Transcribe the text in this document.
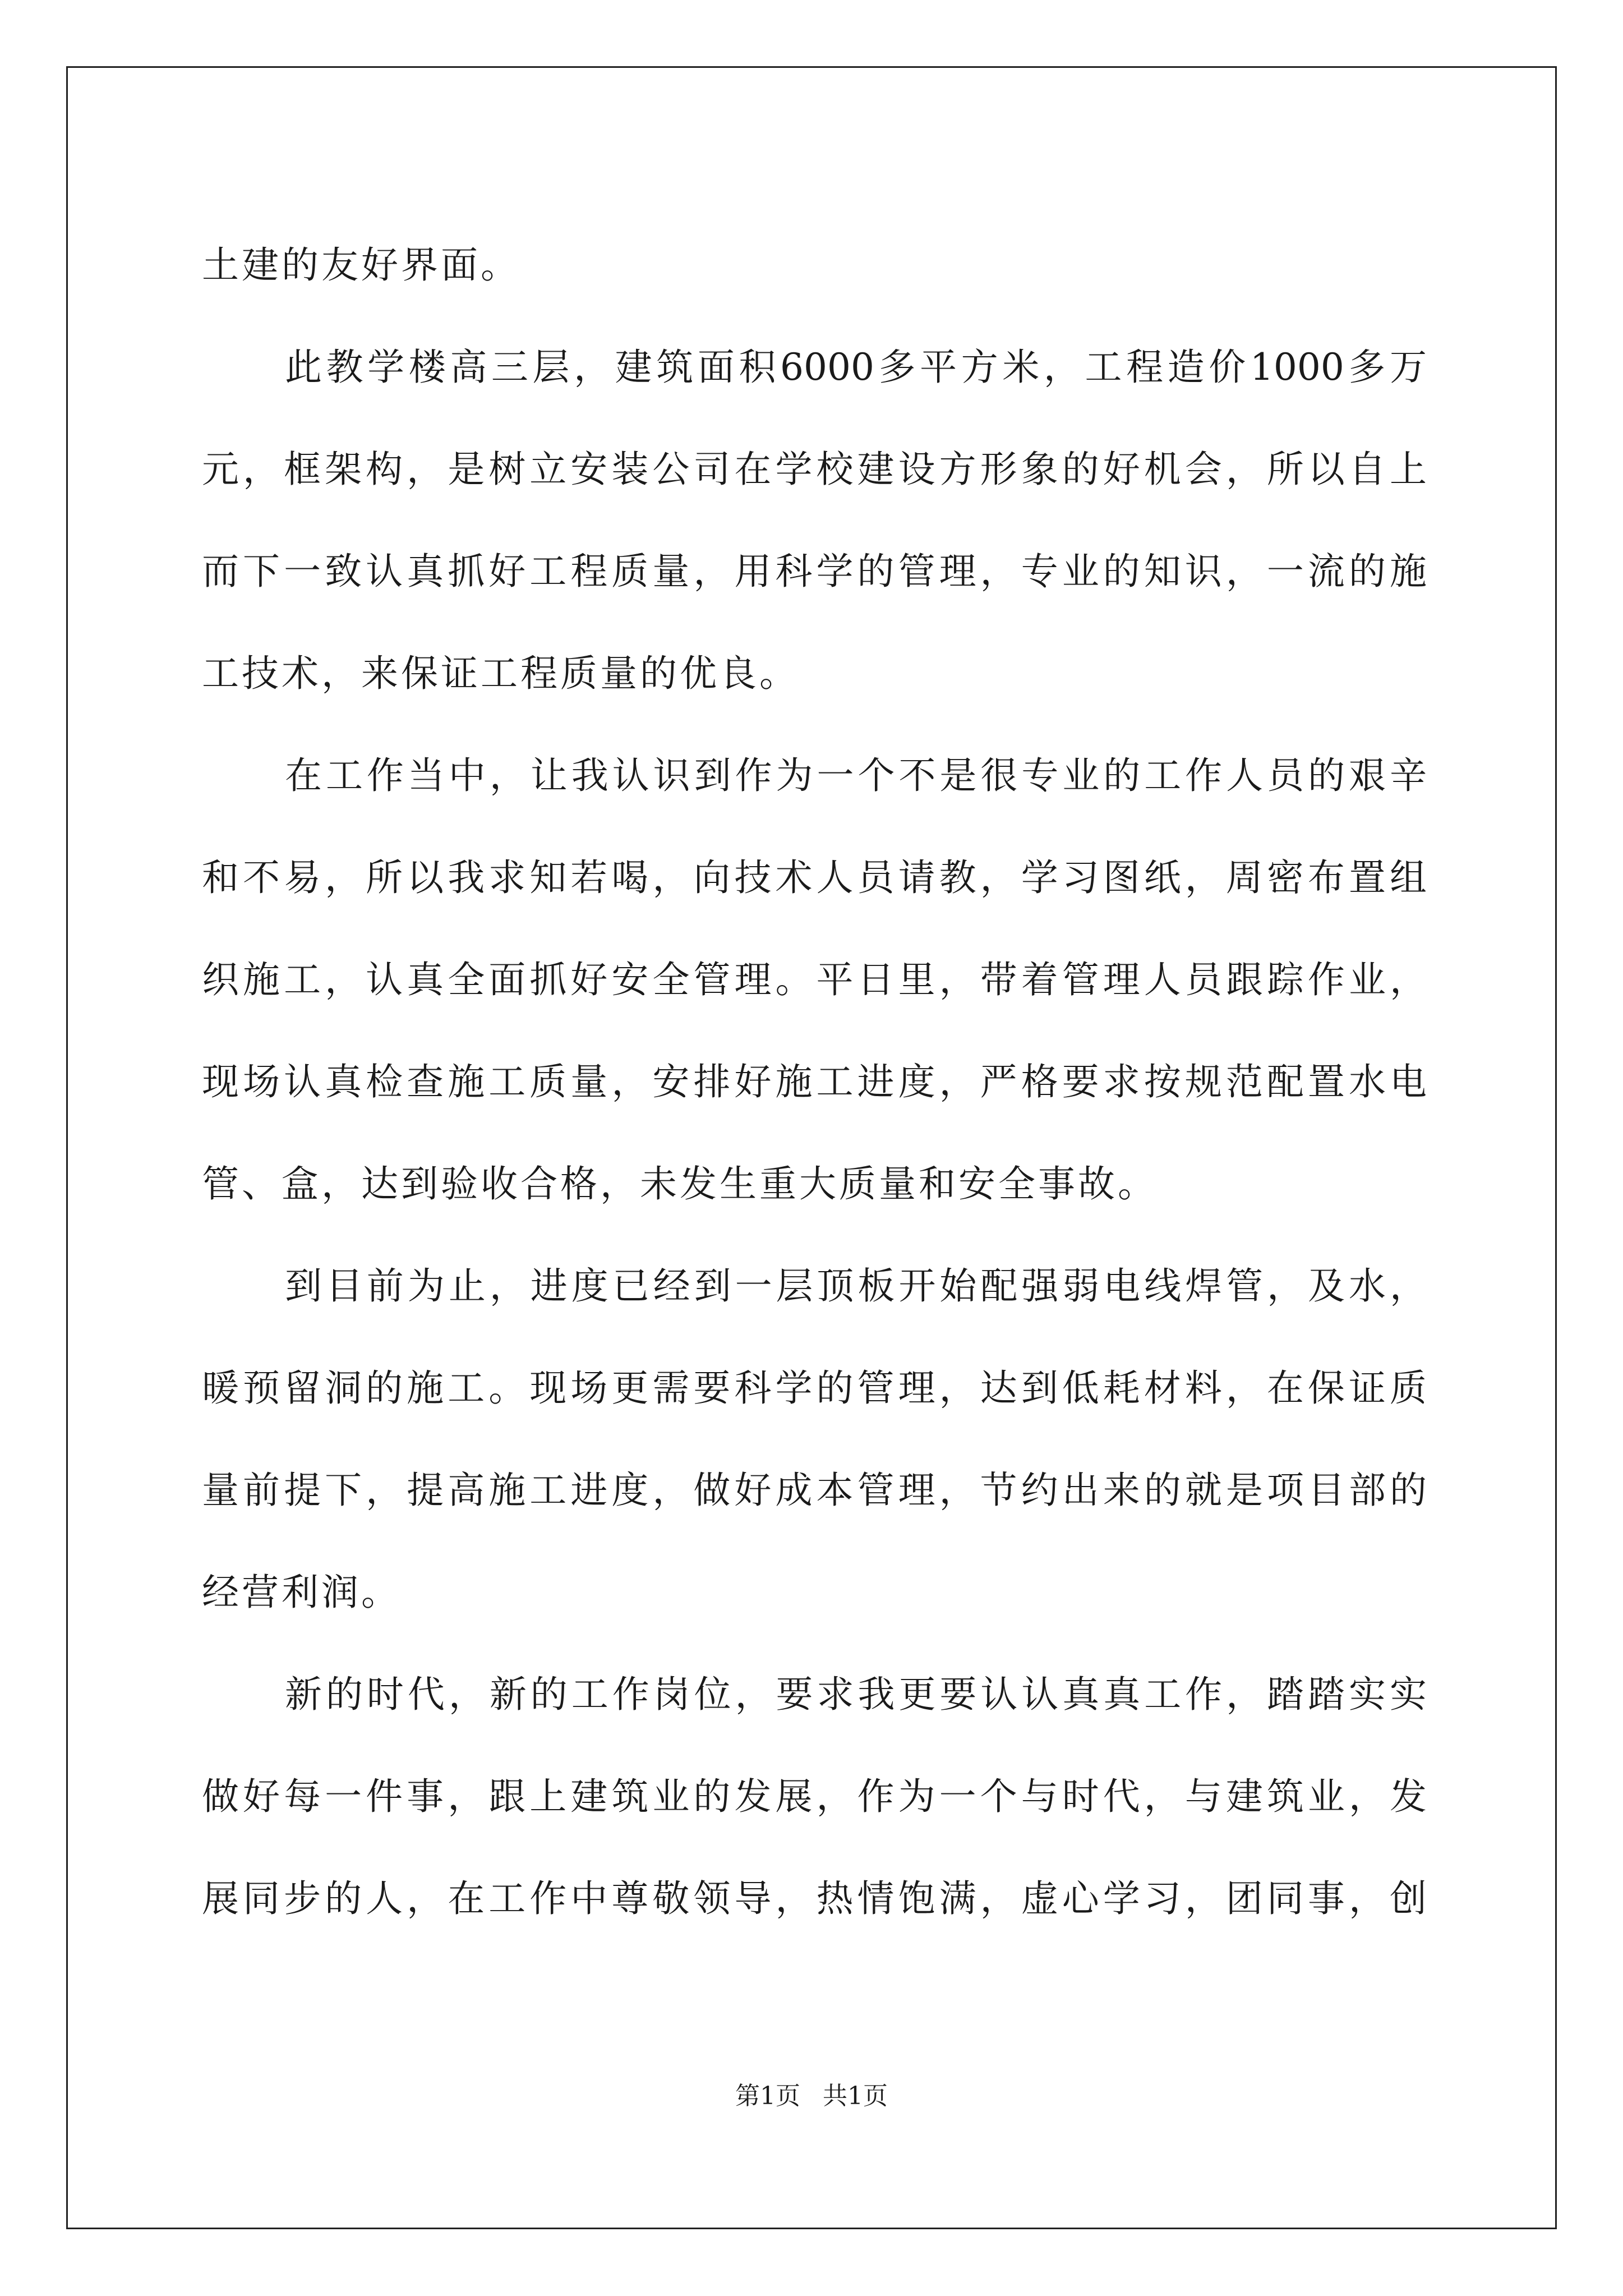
土建的友好界面。
此教学楼高三层，建筑面积6000多平方米，工程造价1000多万
元，框架构，是树立安装公司在学校建设方形象的好机会，所以自上
而下一致认真抓好工程质量，用科学的管理，专业的知识，一流的施
工技术，来保证工程质量的优良。
在工作当中，让我认识到作为一个不是很专业的工作人员的艰辛
和不易，所以我求知若喝，向技术人员请教，学习图纸，周密布置组
织施工，认真全面抓好安全管理。平日里，带着管理人员跟踪作业，
现场认真检查施工质量，安排好施工进度，严格要求按规范配置水电
管、盒，达到验收合格，未发生重大质量和安全事故。
到目前为止，进度已经到一层顶板开始配强弱电线焊管，及水，
暖预留洞的施工。现场更需要科学的管理，达到低耗材料，在保证质
量前提下，提高施工进度，做好成本管理，节约出来的就是项目部的
经营利润。
新的时代，新的工作岗位，要求我更要认认真真工作，踏踏实实
做好每一件事，跟上建筑业的发展，作为一个与时代，与建筑业，发
展同步的人，在工作中尊敬领导，热情饱满，虚心学习，团同事，创
第1页 共1页
